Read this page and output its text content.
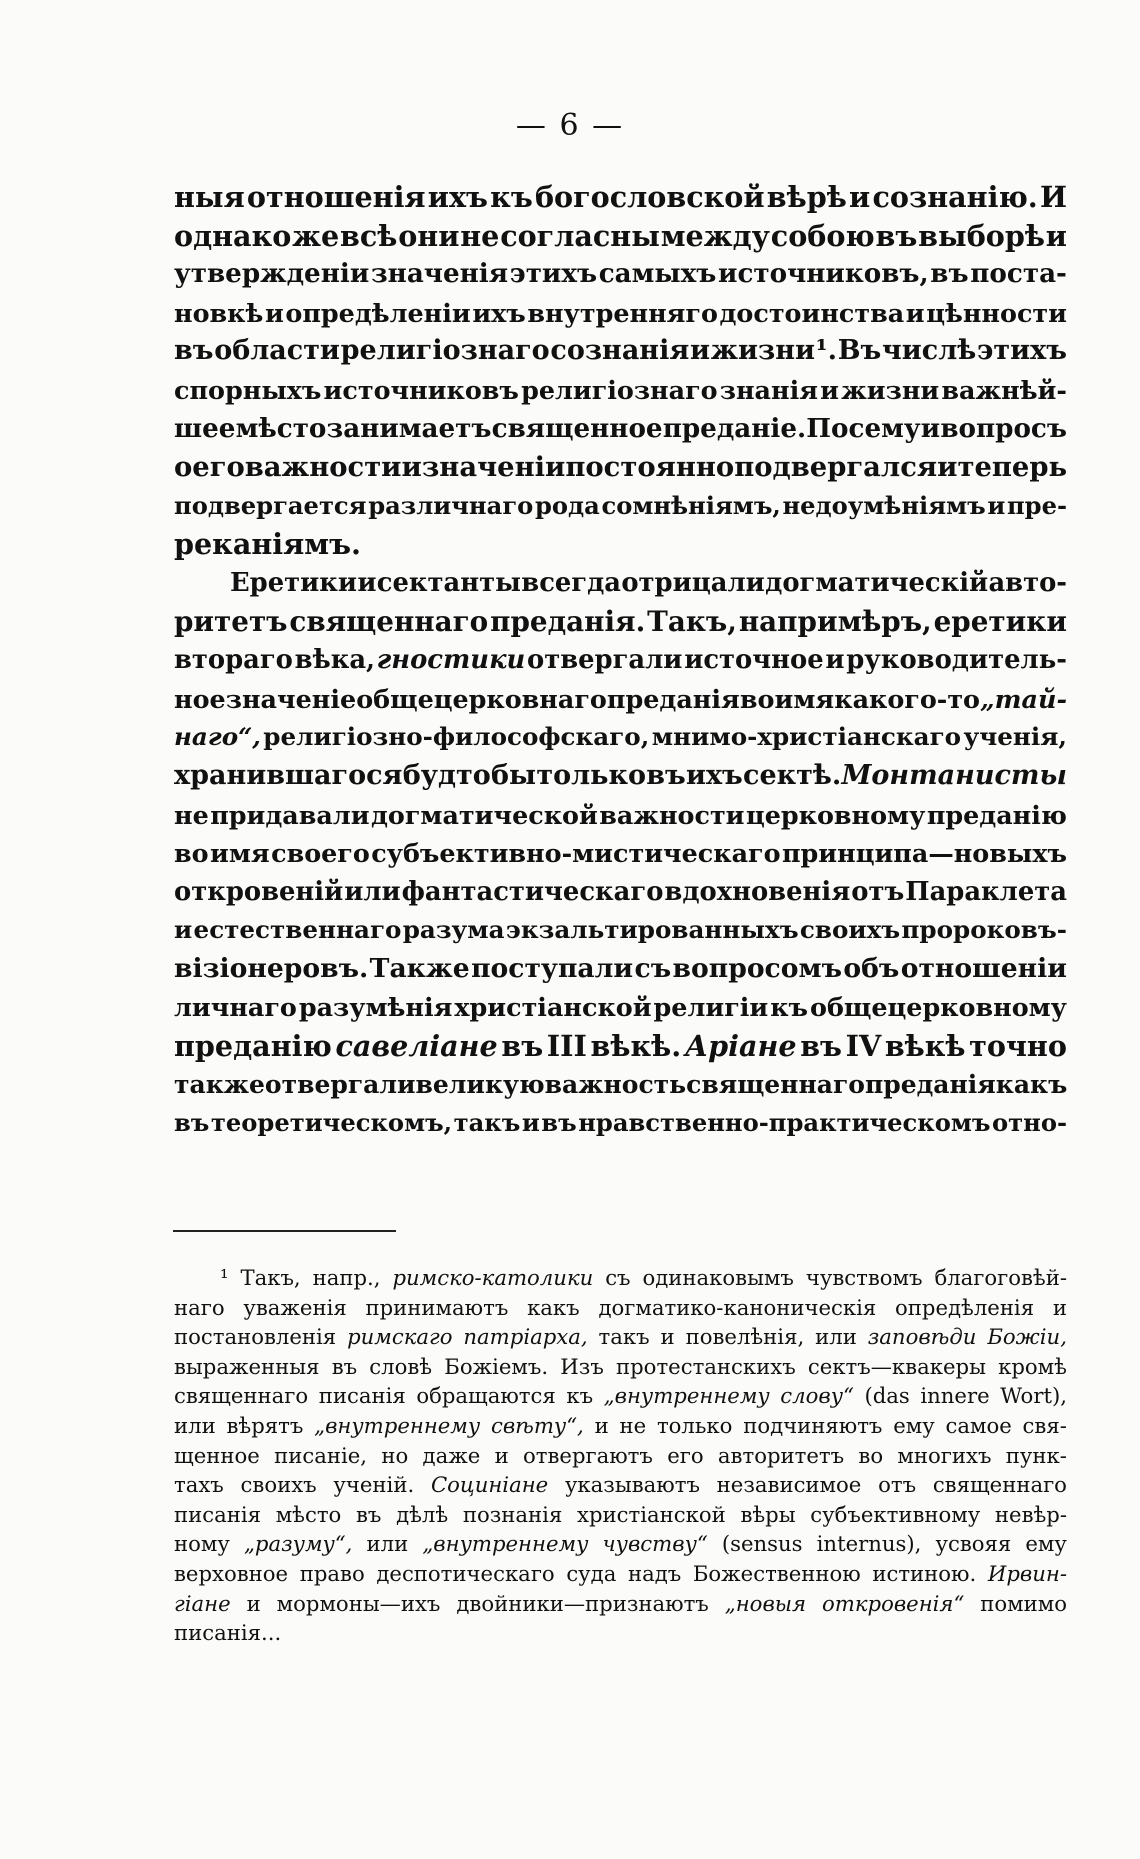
— 6 —
ныя отношенія ихъ къ богословской вѣрѣ и сознанію. И
однако же всѣ они не согласны между собою въ выборѣ и
утвержденіи значенія этихъ самыхъ источниковъ, въ поста-
новкѣ и опредѣленіи ихъ внутренняго достоинства и цѣнности
въ области религіознаго сознанія и жизни ¹. Въ числѣ этихъ
спорныхъ источниковъ религіознаго знанія и жизни важнѣй-
шее мѣсто занимаетъ священное преданіе. Посему и вопросъ
о его важности и значеніи постоянно подвергался и теперь
подвергается различнаго рода сомнѣніямъ, недоумѣніямъ и пре-
реканіямъ.
Еретики и сектанты всегда отрицали догматическій авто-
ритетъ священнаго преданія. Такъ, напримѣръ, еретики
втораго вѣка, гностики отвергали источное и руководитель-
ное значеніе общецерковнаго преданія во имя какого-то „тай-
наго“, религіозно-философскаго, мнимо-христіанскаго ученія,
хранившагося будто бы только въ ихъ сектѣ. Монтанисты
не придавали догматической важности церковному преданію
во имя своего субъективно-мистическаго принципа—новыхъ
откровеній или фантастическаго вдохновенія отъ Параклета
и естественнаго разума экзальтированныхъ своихъ пророковъ-
візіонеровъ. Также поступали съ вопросомъ объ отношеніи
личнаго разумѣнія христіанской религіи къ общецерковному
преданію савеліане въ III вѣкѣ. Аріане въ IV вѣкѣ точно
также отвергали великую важность священнаго преданія какъ
въ теоретическомъ, такъ и въ нравственно-практическомъ отно-
¹ Такъ, напр., римско-католики съ одинаковымъ чувствомъ благоговѣй-
наго уваженія принимаютъ какъ догматико-каноническія опредѣленія и
постановленія римскаго патріарха, такъ и повелѣнія, или заповѣди Божіи,
выраженныя въ словѣ Божіемъ. Изъ протестанскихъ сектъ—квакеры кромѣ
священнаго писанія обращаются къ „внутреннему слову“ (das innere Wort),
или вѣрятъ „внутреннему свѣту“, и не только подчиняютъ ему самое свя-
щенное писаніе, но даже и отвергаютъ его авторитетъ во многихъ пунк-
тахъ своихъ ученій. Социніане указываютъ независимое отъ священнаго
писанія мѣсто въ дѣлѣ познанія христіанской вѣры субъективному невѣр-
ному „разуму“, или „внутреннему чувству“ (sensus internus), усвояя ему
верховное право деспотическаго суда надъ Божественною истиною. Ирвин-
гіане и мормоны—ихъ двойники—признаютъ „новыя откровенія“ помимо
писанія...
